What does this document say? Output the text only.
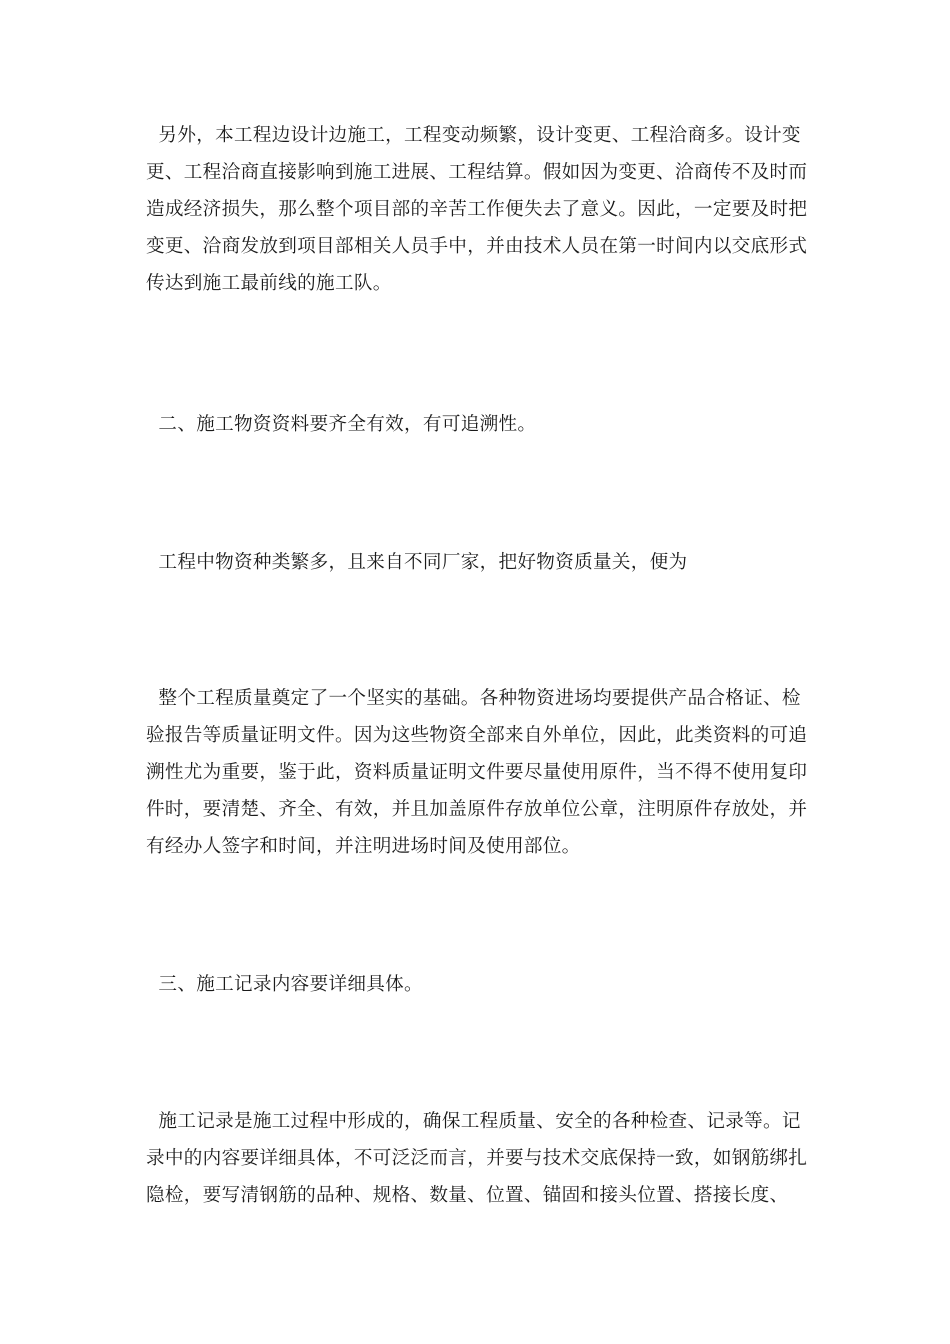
另外，本工程边设计边施工，工程变动频繁，设计变更、工程洽商多。设计变更、工程洽商直接影响到施工进展、工程结算。假如因为变更、洽商传不及时而造成经济损失，那么整个项目部的辛苦工作便失去了意义。因此，一定要及时把变更、洽商发放到项目部相关人员手中，并由技术人员在第一时间内以交底形式传达到施工最前线的施工队。

二、施工物资资料要齐全有效，有可追溯性。

工程中物资种类繁多，且来自不同厂家，把好物资质量关，便为

整个工程质量奠定了一个坚实的基础。各种物资进场均要提供产品合格证、检验报告等质量证明文件。因为这些物资全部来自外单位，因此，此类资料的可追溯性尤为重要，鉴于此，资料质量证明文件要尽量使用原件，当不得不使用复印件时，要清楚、齐全、有效，并且加盖原件存放单位公章，注明原件存放处，并有经办人签字和时间，并注明进场时间及使用部位。

三、施工记录内容要详细具体。

施工记录是施工过程中形成的，确保工程质量、安全的各种检查、记录等。记录中的内容要详细具体，不可泛泛而言，并要与技术交底保持一致，如钢筋绑扎隐检，要写清钢筋的品种、规格、数量、位置、锚固和接头位置、搭接长度、
